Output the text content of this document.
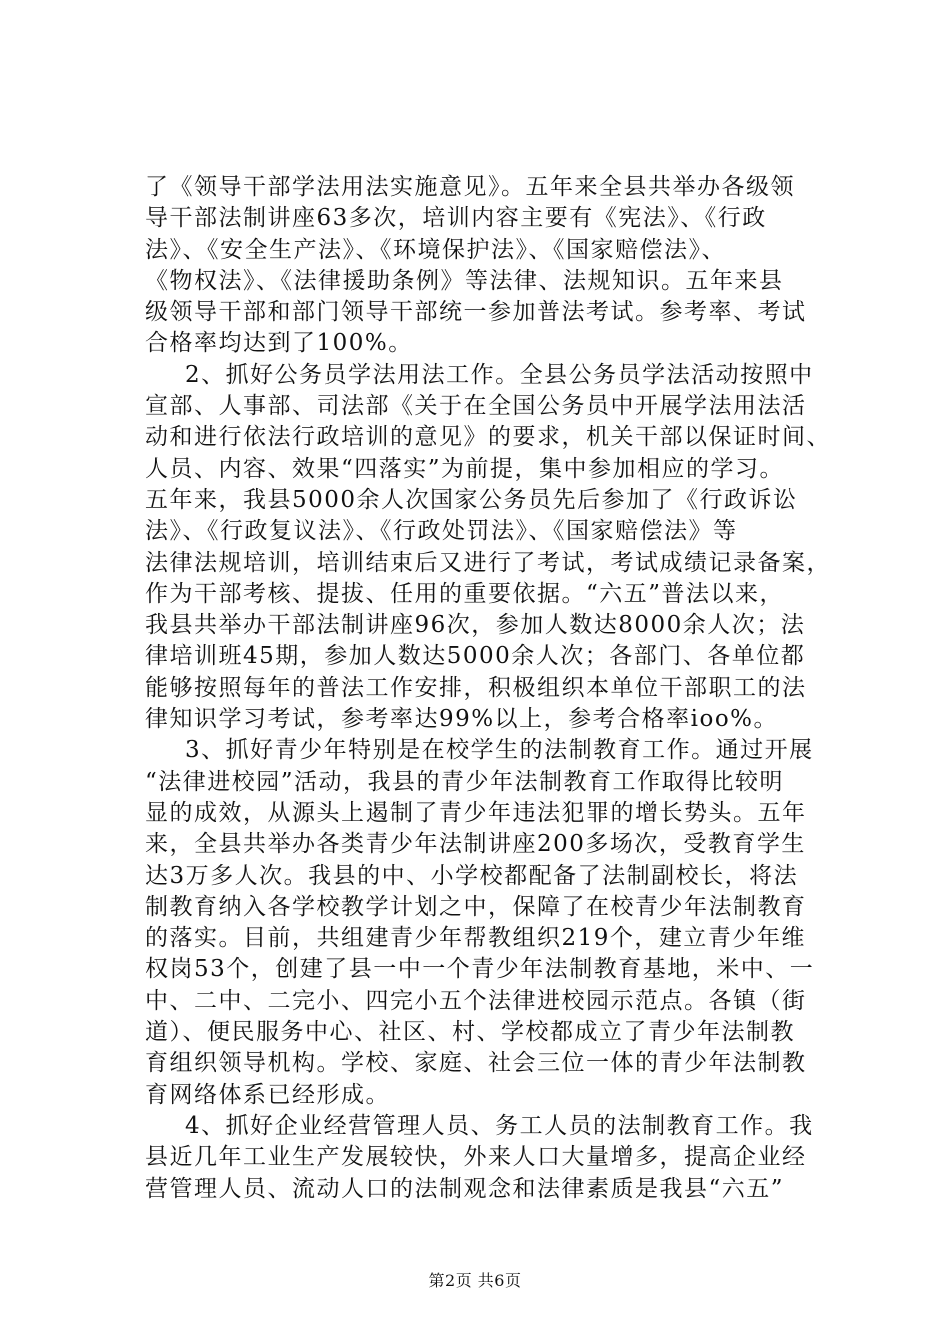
了《领导干部学法用法实施意见》。五年来全县共举办各级领
导干部法制讲座63多次，培训内容主要有《宪法》、《行政
法》、《安全生产法》、《环境保护法》、《国家赔偿法》、
《物权法》、《法律援助条例》等法律、法规知识。五年来县
级领导干部和部门领导干部统一参加普法考试。参考率、考试
合格率均达到了100%。
2、抓好公务员学法用法工作。全县公务员学法活动按照中
宣部、人事部、司法部《关于在全国公务员中开展学法用法活
动和进行依法行政培训的意见》的要求，机关干部以保证时间、
人员、内容、效果“四落实”为前提，集中参加相应的学习。
五年来，我县5000余人次国家公务员先后参加了《行政诉讼
法》、《行政复议法》、《行政处罚法》、《国家赔偿法》等
法律法规培训，培训结束后又进行了考试，考试成绩记录备案，
作为干部考核、提拔、任用的重要依据。“六五”普法以来，
我县共举办干部法制讲座96次，参加人数达8000余人次；法
律培训班45期，参加人数达5000余人次；各部门、各单位都
能够按照每年的普法工作安排，积极组织本单位干部职工的法
律知识学习考试，参考率达99%以上，参考合格率ioo%。
3、抓好青少年特别是在校学生的法制教育工作。通过开展
“法律进校园”活动，我县的青少年法制教育工作取得比较明
显的成效，从源头上遏制了青少年违法犯罪的增长势头。五年
来，全县共举办各类青少年法制讲座200多场次，受教育学生
达3万多人次。我县的中、小学校都配备了法制副校长，将法
制教育纳入各学校教学计划之中，保障了在校青少年法制教育
的落实。目前，共组建青少年帮教组织219个，建立青少年维
权岗53个，创建了县一中一个青少年法制教育基地，米中、一
中、二中、二完小、四完小五个法律进校园示范点。各镇（街
道）、便民服务中心、社区、村、学校都成立了青少年法制教
育组织领导机构。学校、家庭、社会三位一体的青少年法制教
育网络体系已经形成。
4、抓好企业经营管理人员、务工人员的法制教育工作。我
县近几年工业生产发展较快，外来人口大量增多，提高企业经
营管理人员、流动人口的法制观念和法律素质是我县“六五”
第2页 共6页
